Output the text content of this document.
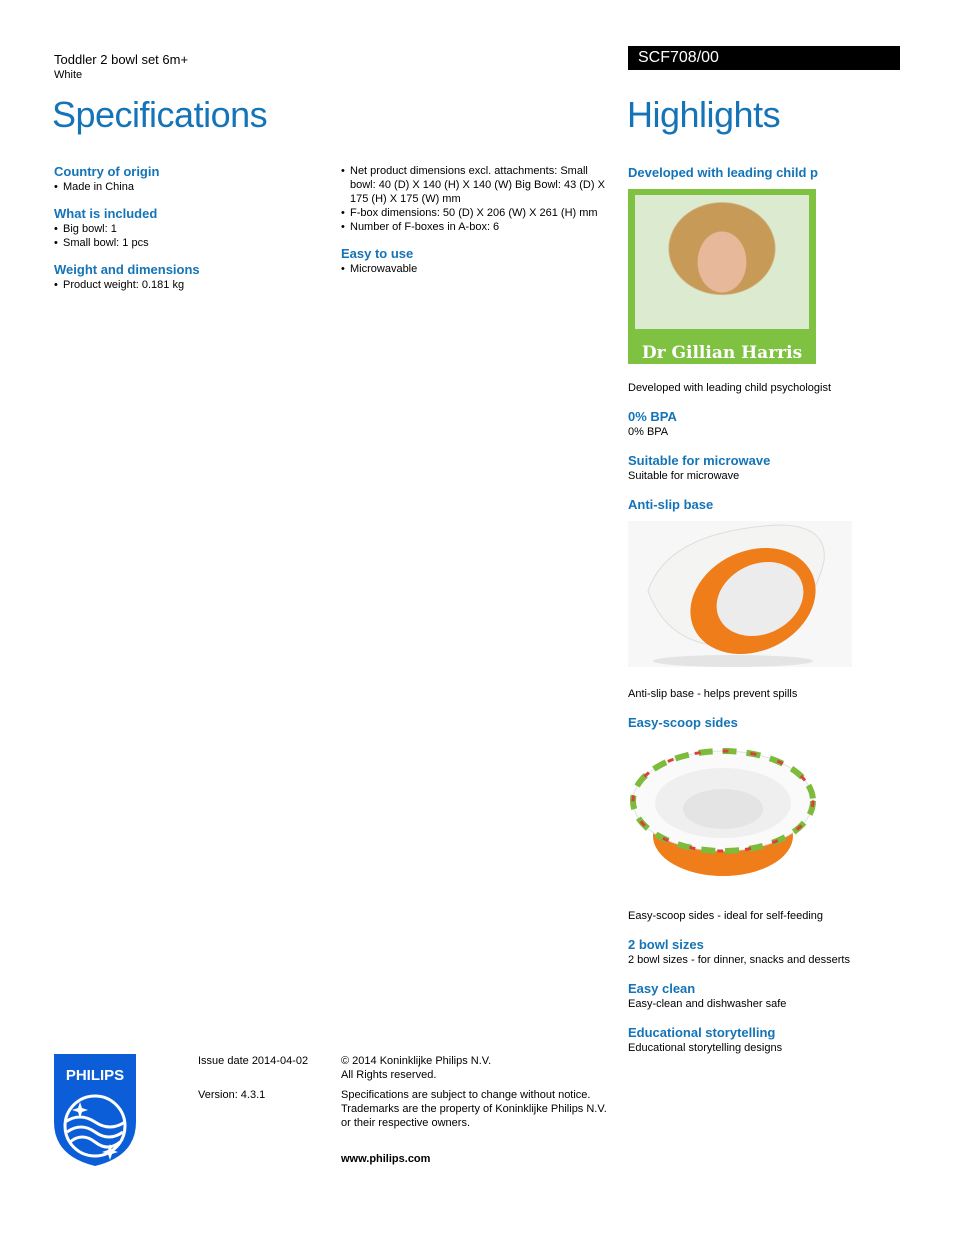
Toddler 2 bowl set 6m+
White
SCF708/00
Specifications	Highlights
Country of origin
• Made in China
What is included
• Big bowl: 1
• Small bowl: 1 pcs
Weight and dimensions
• Product weight: 0.181 kg
• Net product dimensions excl. attachments: Small bowl: 40 (D) X 140 (H) X 140 (W) Big Bowl: 43 (D) X 175 (H) X 175 (W) mm
• F-box dimensions: 50 (D) X 206 (W) X 261 (H) mm
• Number of F-boxes in A-box: 6
Easy to use
• Microwavable
Developed with leading child p
Dr Gillian Harris
Developed with leading child psychologist
0% BPA
0% BPA
Suitable for microwave
Suitable for microwave
Anti-slip base
Anti-slip base - helps prevent spills
Easy-scoop sides
Easy-scoop sides - ideal for self-feeding
2 bowl sizes
2 bowl sizes - for dinner, snacks and desserts
Easy clean
Easy-clean and dishwasher safe
Educational storytelling
Educational storytelling designs
PHILIPS
Issue date 2014-04-02
Version: 4.3.1
© 2014 Koninklijke Philips N.V.
All Rights reserved.
Specifications are subject to change without notice.
Trademarks are the property of Koninklijke Philips N.V.
or their respective owners.
www.philips.com
